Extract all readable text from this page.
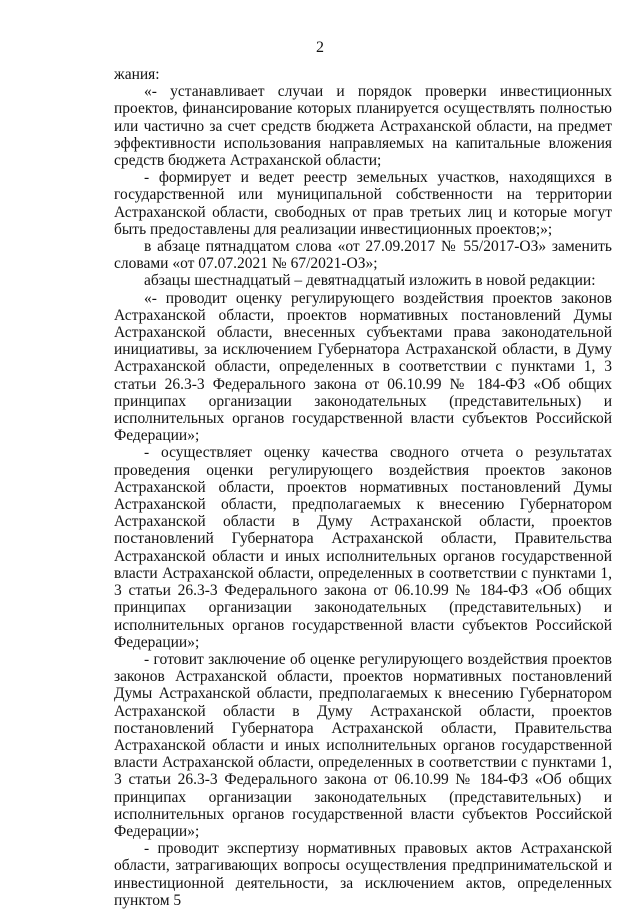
2

жания:

«- устанавливает случаи и порядок проверки инвестиционных проектов, финансирование которых планируется осуществлять полностью или частично за счет средств бюджета Астраханской области, на предмет эффективности использования направляемых на капитальные вложения средств бюджета Астраханской области;

- формирует и ведет реестр земельных участков, находящихся в государственной или муниципальной собственности на территории Астраханской области, свободных от прав третьих лиц и которые могут быть предоставлены для реализации инвестиционных проектов;»;

в абзаце пятнадцатом слова «от 27.09.2017 № 55/2017-ОЗ» заменить словами «от 07.07.2021 № 67/2021-ОЗ»;

абзацы шестнадцатый – девятнадцатый изложить в новой редакции:

«- проводит оценку регулирующего воздействия проектов законов Астраханской области, проектов нормативных постановлений Думы Астраханской области, внесенных субъектами права законодательной инициативы, за исключением Губернатора Астраханской области, в Думу Астраханской области, определенных в соответствии с пунктами 1, 3 статьи 26.3-3 Федерального закона от 06.10.99 № 184-ФЗ «Об общих принципах организации законодательных (представительных) и исполнительных органов государственной власти субъектов Российской Федерации»;

- осуществляет оценку качества сводного отчета о результатах проведения оценки регулирующего воздействия проектов законов Астраханской области, проектов нормативных постановлений Думы Астраханской области, предполагаемых к внесению Губернатором Астраханской области в Думу Астраханской области, проектов постановлений Губернатора Астраханской области, Правительства Астраханской области и иных исполнительных органов государственной власти Астраханской области, определенных в соответствии с пунктами 1, 3 статьи 26.3-3 Федерального закона от 06.10.99 № 184-ФЗ «Об общих принципах организации законодательных (представительных) и исполнительных органов государственной власти субъектов Российской Федерации»;

- готовит заключение об оценке регулирующего воздействия проектов законов Астраханской области, проектов нормативных постановлений Думы Астраханской области, предполагаемых к внесению Губернатором Астраханской области в Думу Астраханской области, проектов постановлений Губернатора Астраханской области, Правительства Астраханской области и иных исполнительных органов государственной власти Астраханской области, определенных в соответствии с пунктами 1, 3 статьи 26.3-3 Федерального закона от 06.10.99 № 184-ФЗ «Об общих принципах организации законодательных (представительных) и исполнительных органов государственной власти субъектов Российской Федерации»;

- проводит экспертизу нормативных правовых актов Астраханской области, затрагивающих вопросы осуществления предпринимательской и инвестиционной деятельности, за исключением актов, определенных пунктом 5
